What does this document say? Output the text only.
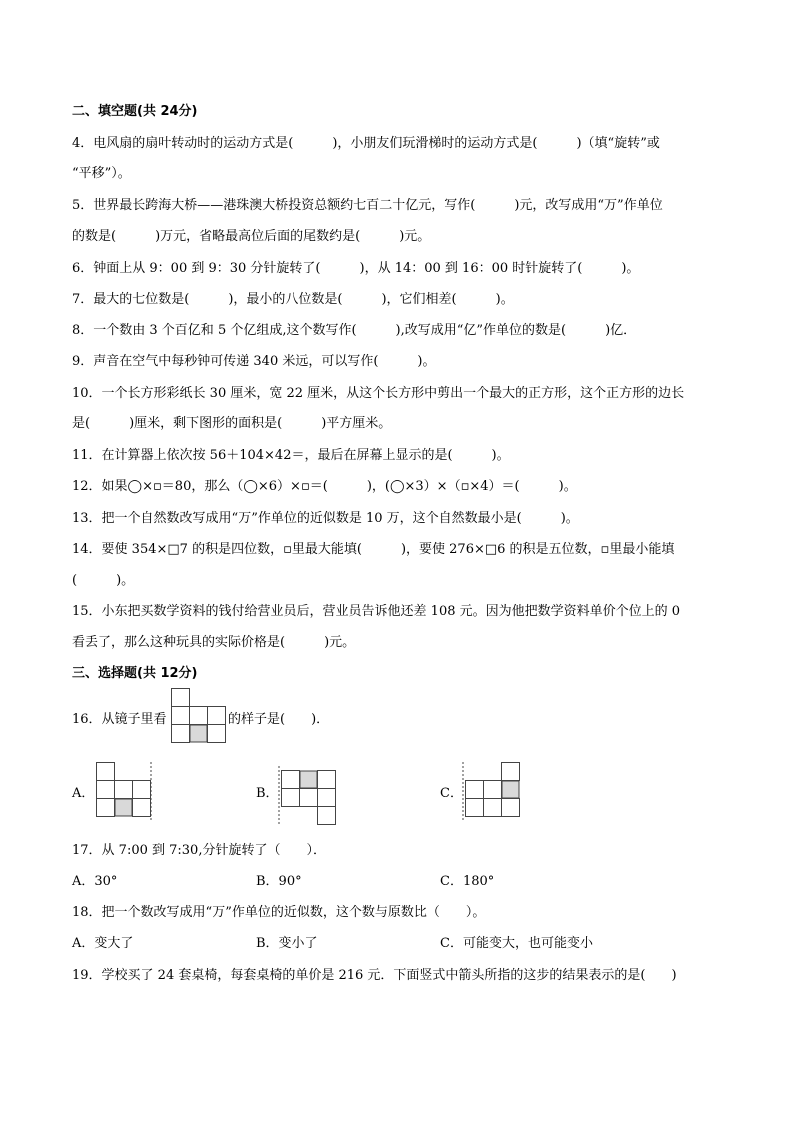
二、填空题(共 24分)
4．电风扇的扇叶转动时的运动方式是(　　　)，小朋友们玩滑梯时的运动方式是(　　　)（填“旋转”或
“平移”）。
5．世界最长跨海大桥——港珠澳大桥投资总额约七百二十亿元，写作(　　　)元，改写成用“万”作单位
的数是(　　　)万元，省略最高位后面的尾数约是(　　　)元。
6．钟面上从 9：00 到 9：30 分针旋转了(　　　)，从 14：00 到 16：00 时针旋转了(　　　)。
7．最大的七位数是(　　　)，最小的八位数是(　　　)，它们相差(　　　)。
8．一个数由 3 个百亿和 5 个亿组成,这个数写作(　　　),改写成用“亿”作单位的数是(　　　)亿．
9．声音在空气中每秒钟可传递 340 米远，可以写作(　　　)。
10．一个长方形彩纸长 30 厘米，宽 22 厘米，从这个长方形中剪出一个最大的正方形，这个正方形的边长
是(　　　)厘米，剩下图形的面积是(　　　)平方厘米。
11．在计算器上依次按 56＋104×42＝，最后在屏幕上显示的是(　　　)。
12．如果◯×▫＝80，那么（◯×6）×▫＝(　　　)，(◯×3）×（▫×4）＝(　　　)。
13．把一个自然数改写成用“万”作单位的近似数是 10 万，这个自然数最小是(　　　)。
14．要使 354×□7 的积是四位数，▫里最大能填(　　　)，要使 276×□6 的积是五位数，▫里最小能填
(　　　)。
15．小东把买数学资料的钱付给营业员后，营业员告诉他还差 108 元。因为他把数学资料单价个位上的 0
看丢了，那么这种玩具的实际价格是(　　　)元。
三、选择题(共 12分)
16．从镜子里看	的样子是(　　)．
A．	B．	C．
17．从 7:00 到 7:30,分针旋转了（　　）．
A．30°	B．90°	C．180°
18．把一个数改写成用“万”作单位的近似数，这个数与原数比（　　）。
A．变大了	B．变小了	C．可能变大，也可能变小
19．学校买了 24 套桌椅，每套桌椅的单价是 216 元．下面竖式中箭头所指的这步的结果表示的是(　　)
